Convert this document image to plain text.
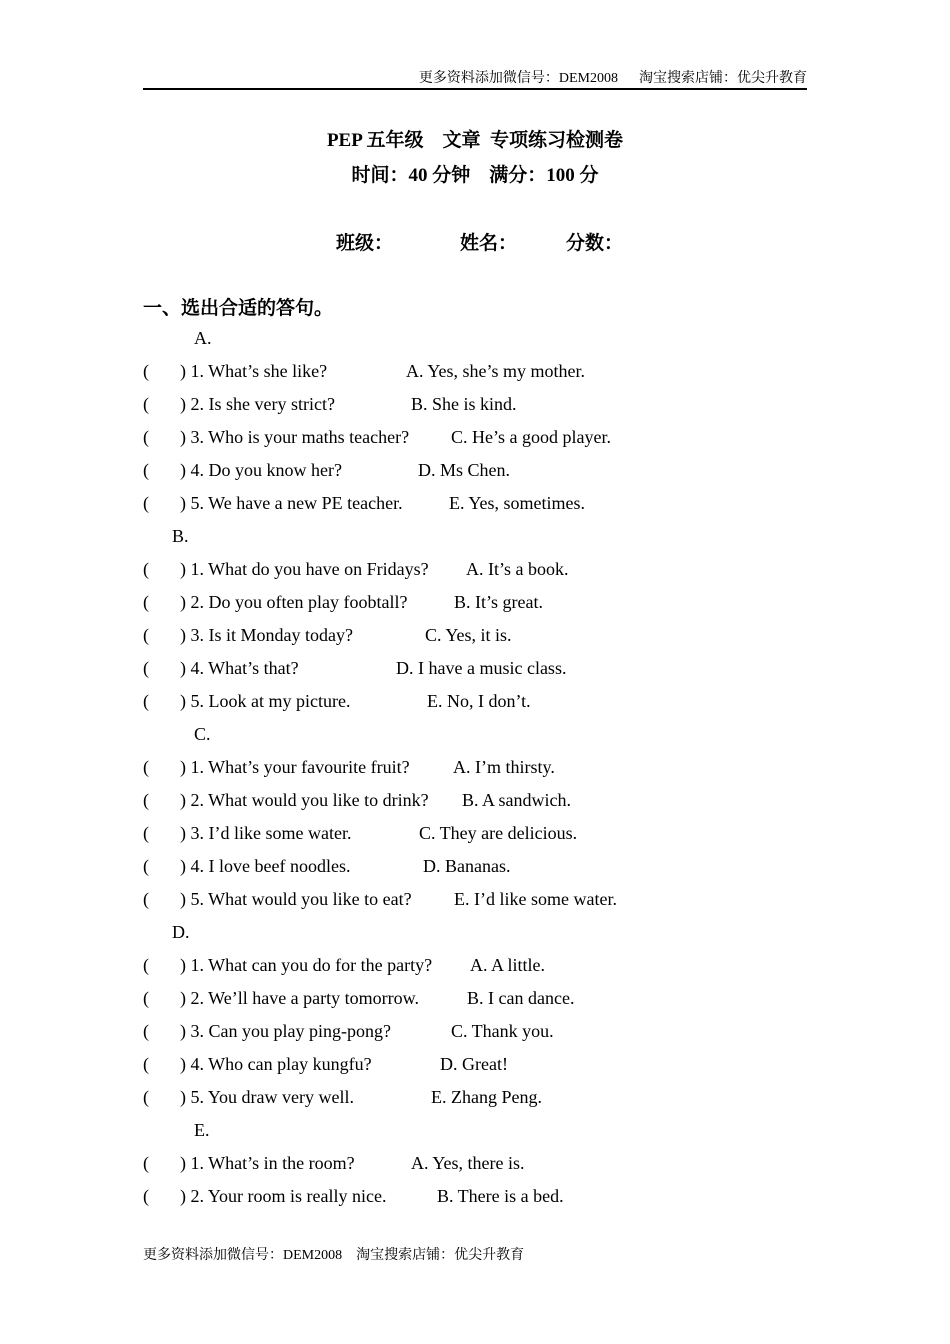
更多资料添加微信号：DEM2008      淘宝搜索店铺：优尖升教育
PEP 五年级    文章  专项练习检测卷
时间：40 分钟    满分：100 分
班级：	姓名：	分数：
一、选出合适的答句。
A.
( ) 1. What’s she like?	A. Yes, she’s my mother.
( ) 2. Is she very strict?	B. She is kind.
( ) 3. Who is your maths teacher? C. He’s a good player.
( ) 4. Do you know her?	D. Ms Chen.
( ) 5. We have a new PE teacher.	E. Yes, sometimes.
B.
( ) 1. What do you have on Fridays? A. It’s a book.
( ) 2. Do you often play foobtall?	B. It’s great.
( ) 3. Is it Monday today?	C. Yes, it is.
( ) 4. What’s that?	D. I have a music class.
( ) 5. Look at my picture.	E. No, I don’t.
C.
( ) 1. What’s your favourite fruit? A. I’m thirsty.
( ) 2. What would you like to drink? B. A sandwich.
( ) 3. I’d like some water.	C. They are delicious.
( ) 4. I love beef noodles.	D. Bananas.
( ) 5. What would you like to eat? E. I’d like some water.
D.
( ) 1. What can you do for the party? A. A little.
( ) 2. We’ll have a party tomorrow.	B. I can dance.
( ) 3. Can you play ping-pong?	C. Thank you.
( ) 4. Who can play kungfu?	D. Great!
( ) 5. You draw very well.	E. Zhang Peng.
E.
( ) 1. What’s in the room?	A. Yes, there is.
( ) 2. Your room is really nice.	B. There is a bed.
更多资料添加微信号：DEM2008    淘宝搜索店铺：优尖升教育
